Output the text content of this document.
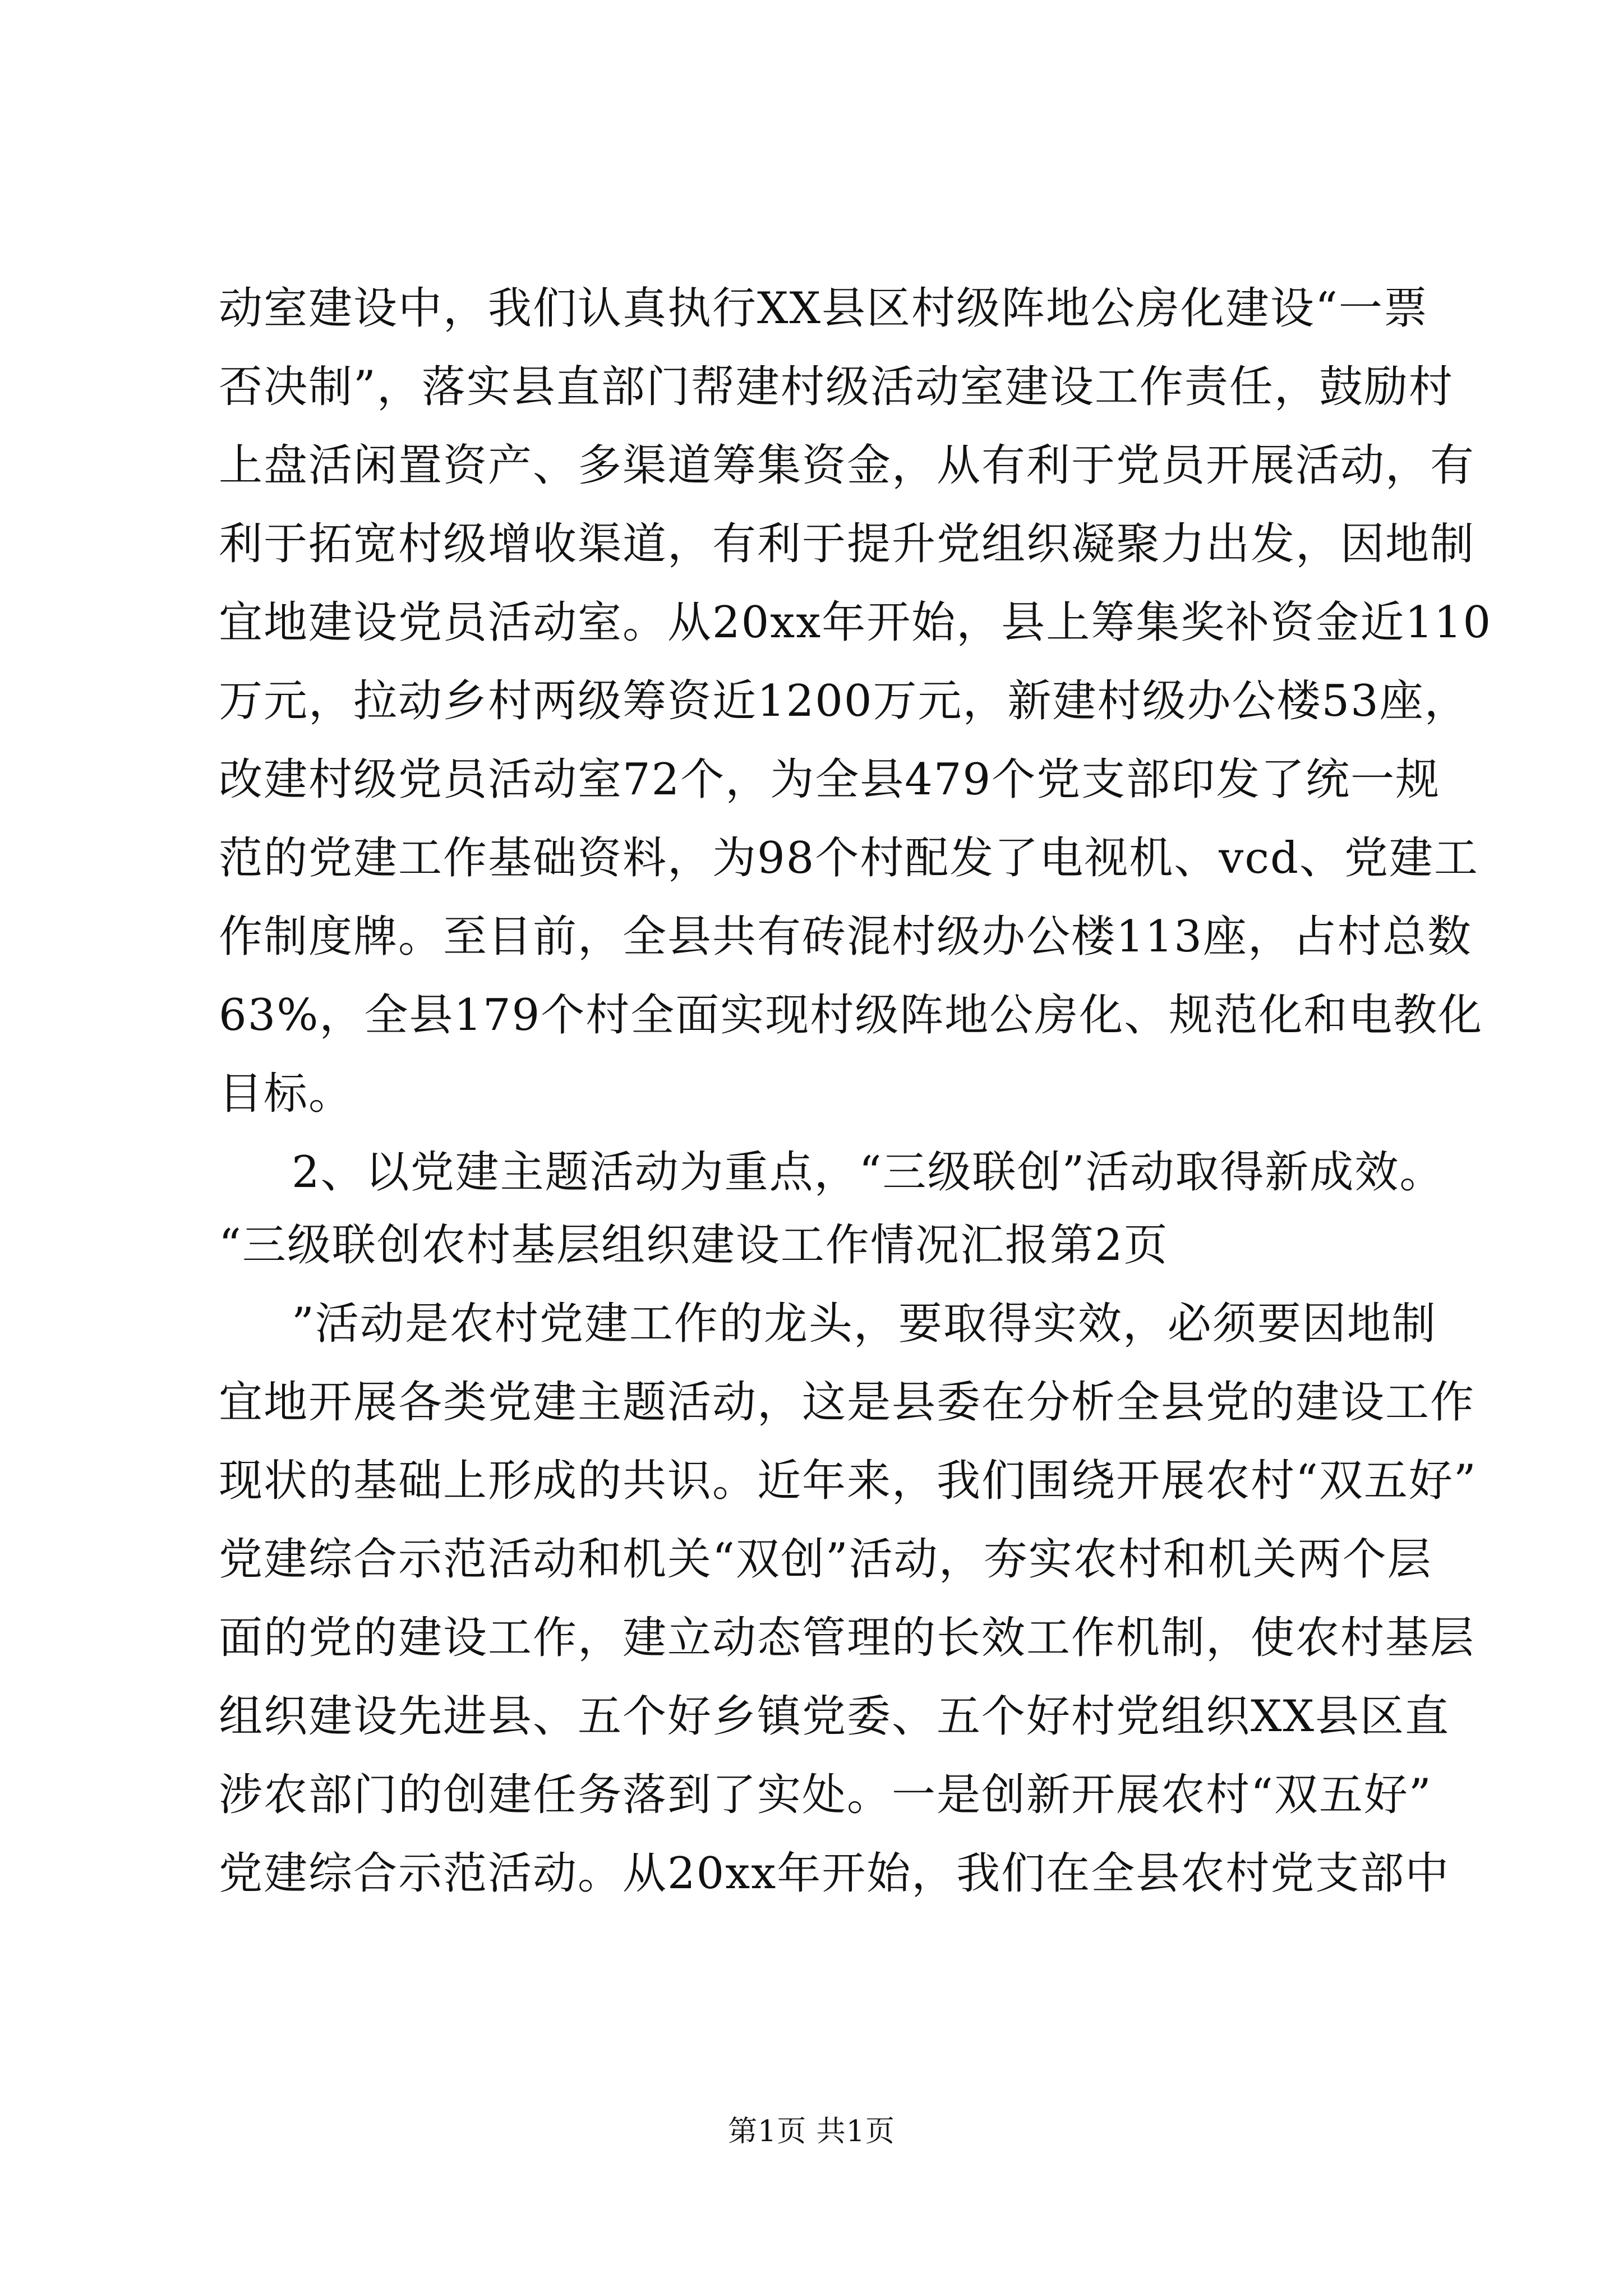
动室建设中，我们认真执行XX县区村级阵地公房化建设“一票
否决制”，落实县直部门帮建村级活动室建设工作责任，鼓励村
上盘活闲置资产、多渠道筹集资金，从有利于党员开展活动，有
利于拓宽村级增收渠道，有利于提升党组织凝聚力出发，因地制
宜地建设党员活动室。从20xx年开始，县上筹集奖补资金近110
万元，拉动乡村两级筹资近1200万元，新建村级办公楼53座，
改建村级党员活动室72个，为全县479个党支部印发了统一规
范的党建工作基础资料，为98个村配发了电视机、vcd、党建工
作制度牌。至目前，全县共有砖混村级办公楼113座，占村总数
63%，全县179个村全面实现村级阵地公房化、规范化和电教化
目标。
2、以党建主题活动为重点，“三级联创”活动取得新成效。
“三级联创农村基层组织建设工作情况汇报第2页
”活动是农村党建工作的龙头，要取得实效，必须要因地制
宜地开展各类党建主题活动，这是县委在分析全县党的建设工作
现状的基础上形成的共识。近年来，我们围绕开展农村“双五好”
党建综合示范活动和机关“双创”活动，夯实农村和机关两个层
面的党的建设工作，建立动态管理的长效工作机制，使农村基层
组织建设先进县、五个好乡镇党委、五个好村党组织XX县区直
涉农部门的创建任务落到了实处。一是创新开展农村“双五好”
党建综合示范活动。从20xx年开始，我们在全县农村党支部中
第1页 共1页
